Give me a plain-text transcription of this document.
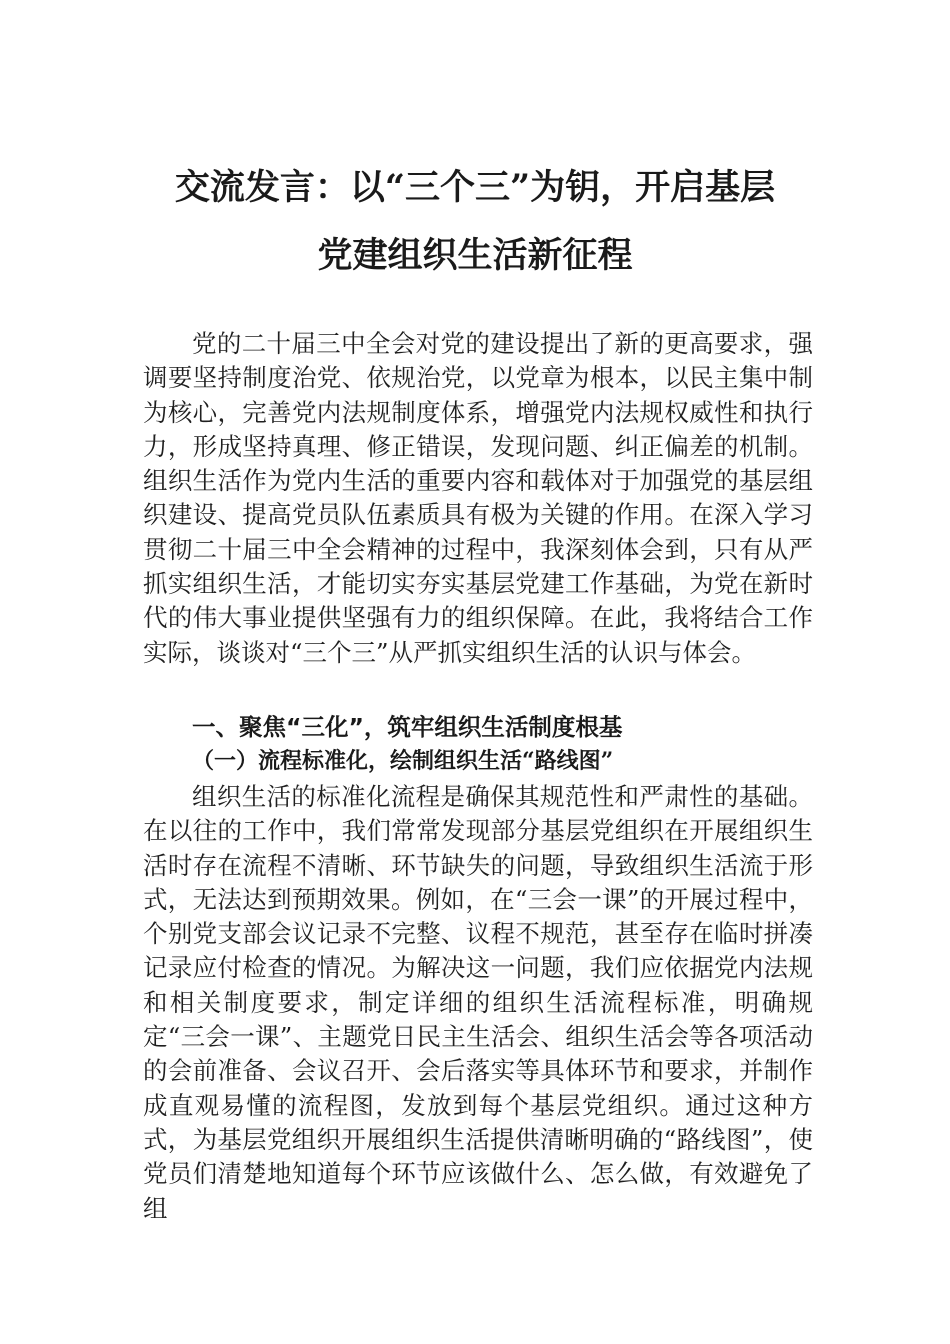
交流发言：以“三个三”为钥，开启基层
党建组织生活新征程

党的二十届三中全会对党的建设提出了新的更高要求，强调要坚持制度治党、依规治党，以党章为根本，以民主集中制为核心，完善党内法规制度体系，增强党内法规权威性和执行力，形成坚持真理、修正错误，发现问题、纠正偏差的机制。组织生活作为党内生活的重要内容和载体对于加强党的基层组织建设、提高党员队伍素质具有极为关键的作用。在深入学习贯彻二十届三中全会精神的过程中，我深刻体会到，只有从严抓实组织生活，才能切实夯实基层党建工作基础，为党在新时代的伟大事业提供坚强有力的组织保障。在此，我将结合工作实际，谈谈对“三个三”从严抓实组织生活的认识与体会。

一、聚焦“三化”，筑牢组织生活制度根基
（一）流程标准化，绘制组织生活“路线图”

组织生活的标准化流程是确保其规范性和严肃性的基础。在以往的工作中，我们常常发现部分基层党组织在开展组织生活时存在流程不清晰、环节缺失的问题，导致组织生活流于形式，无法达到预期效果。例如，在“三会一课”的开展过程中，个别党支部会议记录不完整、议程不规范，甚至存在临时拼凑记录应付检查的情况。为解决这一问题，我们应依据党内法规和相关制度要求，制定详细的组织生活流程标准，明确规定“三会一课”、主题党日民主生活会、组织生活会等各项活动的会前准备、会议召开、会后落实等具体环节和要求，并制作成直观易懂的流程图，发放到每个基层党组织。通过这种方式，为基层党组织开展组织生活提供清晰明确的“路线图”，使党员们清楚地知道每个环节应该做什么、怎么做，有效避免了组
